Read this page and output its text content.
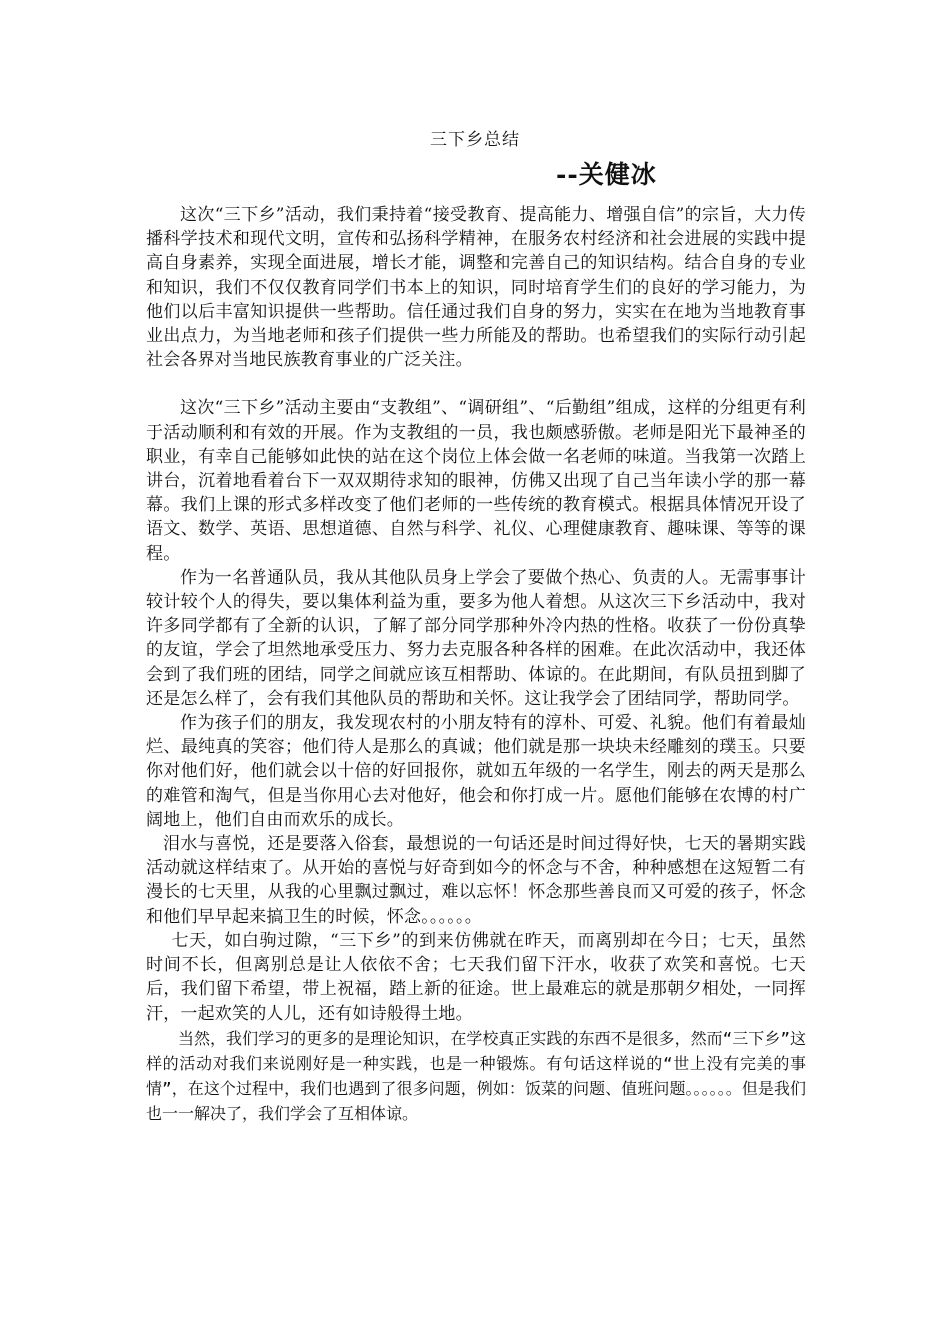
三下乡总结
--关健冰

这次“三下乡”活动，我们秉持着“接受教育、提高能力、增强自信”的宗旨，大力传播科学技术和现代文明，宣传和弘扬科学精神，在服务农村经济和社会进展的实践中提高自身素养，实现全面进展，增长才能，调整和完善自己的知识结构。结合自身的专业和知识，我们不仅仅教育同学们书本上的知识，同时培育学生们的良好的学习能力，为他们以后丰富知识提供一些帮助。信任通过我们自身的努力，实实在在地为当地教育事业出点力，为当地老师和孩子们提供一些力所能及的帮助。也希望我们的实际行动引起社会各界对当地民族教育事业的广泛关注。

这次“三下乡”活动主要由“支教组”、“调研组”、“后勤组”组成，这样的分组更有利于活动顺利和有效的开展。作为支教组的一员，我也颇感骄傲。老师是阳光下最神圣的职业，有幸自己能够如此快的站在这个岗位上体会做一名老师的味道。当我第一次踏上讲台，沉着地看着台下一双双期待求知的眼神，仿佛又出现了自己当年读小学的那一幕幕。我们上课的形式多样改变了他们老师的一些传统的教育模式。根据具体情况开设了语文、数学、英语、思想道德、自然与科学、礼仪、心理健康教育、趣味课、等等的课程。

作为一名普通队员，我从其他队员身上学会了要做个热心、负责的人。无需事事计较计较个人的得失，要以集体利益为重，要多为他人着想。从这次三下乡活动中，我对许多同学都有了全新的认识，了解了部分同学那种外冷内热的性格。收获了一份份真挚的友谊，学会了坦然地承受压力、努力去克服各种各样的困难。在此次活动中，我还体会到了我们班的团结，同学之间就应该互相帮助、体谅的。在此期间，有队员扭到脚了还是怎么样了，会有我们其他队员的帮助和关怀。这让我学会了团结同学，帮助同学。

作为孩子们的朋友，我发现农村的小朋友特有的淳朴、可爱、礼貌。他们有着最灿烂、最纯真的笑容；他们待人是那么的真诚；他们就是那一块块未经雕刻的璞玉。只要你对他们好，他们就会以十倍的好回报你，就如五年级的一名学生，刚去的两天是那么的难管和淘气，但是当你用心去对他好，他会和你打成一片。愿他们能够在农博的村广阔地上，他们自由而欢乐的成长。

泪水与喜悦，还是要落入俗套，最想说的一句话还是时间过得好快，七天的暑期实践活动就这样结束了。从开始的喜悦与好奇到如今的怀念与不舍，种种感想在这短暂二有漫长的七天里，从我的心里飘过飘过，难以忘怀！怀念那些善良而又可爱的孩子，怀念和他们早早起来搞卫生的时候，怀念。。。。。。

七天，如白驹过隙，“三下乡”的到来仿佛就在昨天，而离别却在今日；七天，虽然时间不长，但离别总是让人依依不舍；七天我们留下汗水，收获了欢笑和喜悦。七天后，我们留下希望，带上祝福，踏上新的征途。世上最难忘的就是那朝夕相处，一同挥汗，一起欢笑的人儿，还有如诗般得土地。

当然，我们学习的更多的是理论知识，在学校真正实践的东西不是很多，然而“三下乡”这样的活动对我们来说刚好是一种实践，也是一种锻炼。有句话这样说的“世上没有完美的事情”，在这个过程中，我们也遇到了很多问题，例如：饭菜的问题、值班问题。。。。。。但是我们也一一解决了，我们学会了互相体谅。
